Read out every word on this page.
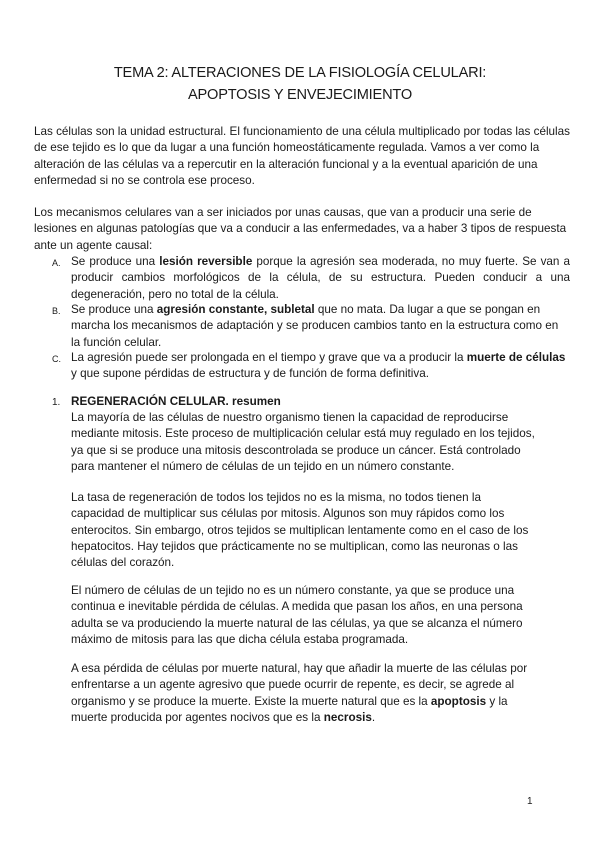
TEMA 2: ALTERACIONES DE LA FISIOLOGÍA CELULARI:
APOPTOSIS Y ENVEJECIMIENTO

Las células son la unidad estructural. El funcionamiento de una célula multiplicado por todas las células de ese tejido es lo que da lugar a una función homeostáticamente regulada. Vamos a ver como la alteración de las células va a repercutir en la alteración funcional y a la eventual aparición de una enfermedad si no se controla ese proceso.

Los mecanismos celulares van a ser iniciados por unas causas, que van a producir una serie de lesiones en algunas patologías que va a conducir a las enfermedades, va a haber 3 tipos de respuesta ante un agente causal:

A. Se produce una lesión reversible porque la agresión sea moderada, no muy fuerte. Se van a producir cambios morfológicos de la célula, de su estructura. Pueden conducir a una degeneración, pero no total de la célula.
B. Se produce una agresión constante, subletal que no mata. Da lugar a que se pongan en marcha los mecanismos de adaptación y se producen cambios tanto en la estructura como en la función celular.
C. La agresión puede ser prolongada en el tiempo y grave que va a producir la muerte de células y que supone pérdidas de estructura y de función de forma definitiva.
1. REGENERACIÓN CELULAR. resumen

La mayoría de las células de nuestro organismo tienen la capacidad de reproducirse mediante mitosis. Este proceso de multiplicación celular está muy regulado en los tejidos, ya que si se produce una mitosis descontrolada se produce un cáncer. Está controlado para mantener el número de células de un tejido en un número constante.

La tasa de regeneración de todos los tejidos no es la misma, no todos tienen la capacidad de multiplicar sus células por mitosis. Algunos son muy rápidos como los enterocitos. Sin embargo, otros tejidos se multiplican lentamente como en el caso de los hepatocitos. Hay tejidos que prácticamente no se multiplican, como las neuronas o las células del corazón.

El número de células de un tejido no es un número constante, ya que se produce una continua e inevitable pérdida de células. A medida que pasan los años, en una persona adulta se va produciendo la muerte natural de las células, ya que se alcanza el número máximo de mitosis para las que dicha célula estaba programada.

A esa pérdida de células por muerte natural, hay que añadir la muerte de las células por enfrentarse a un agente agresivo que puede ocurrir de repente, es decir, se agrede al organismo y se produce la muerte. Existe la muerte natural que es la apoptosis y la muerte producida por agentes nocivos que es la necrosis.

1
